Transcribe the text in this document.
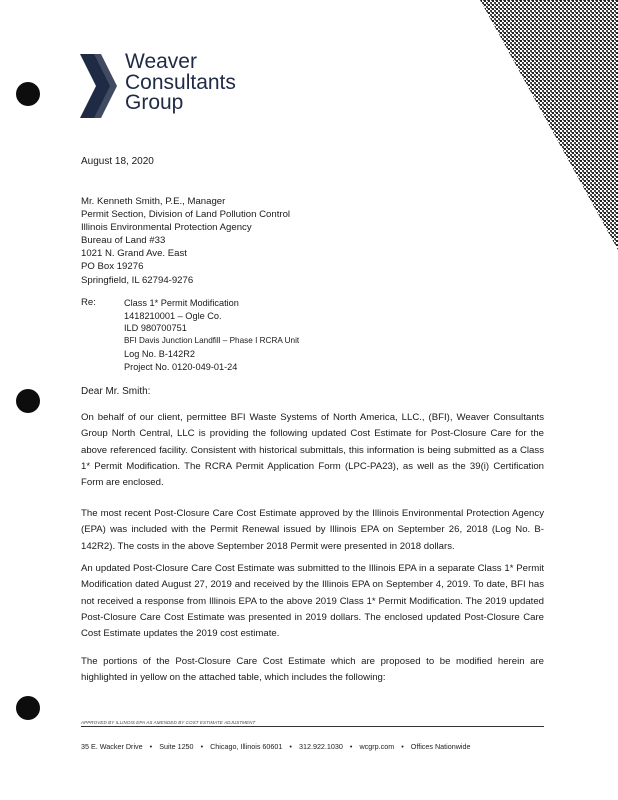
Weaver
Consultants
Group
August 18, 2020
Mr. Kenneth Smith, P.E., Manager
Permit Section, Division of Land Pollution Control
Illinois Environmental Protection Agency
Bureau of Land #33
1021 N. Grand Ave. East
PO Box 19276
Springfield, IL 62794-9276
Re:	Class 1* Permit Modification
1418210001 – Ogle Co.
ILD 980700751
BFI Davis Junction Landfill – Phase I RCRA Unit
Log No. B-142R2
Project No. 0120-049-01-24
Dear Mr. Smith:
On behalf of our client, permittee BFI Waste Systems of North America, LLC., (BFI), Weaver Consultants Group North Central, LLC is providing the following updated Cost Estimate for Post-Closure Care for the above referenced facility. Consistent with historical submittals, this information is being submitted as a Class 1* Permit Modification. The RCRA Permit Application Form (LPC-PA23), as well as the 39(i) Certification Form are enclosed.
The most recent Post-Closure Care Cost Estimate approved by the Illinois Environmental Protection Agency (EPA) was included with the Permit Renewal issued by Illinois EPA on September 26, 2018 (Log No. B-142R2). The costs in the above September 2018 Permit were presented in 2018 dollars.
An updated Post-Closure Care Cost Estimate was submitted to the Illinois EPA in a separate Class 1* Permit Modification dated August 27, 2019 and received by the Illinois EPA on September 4, 2019. To date, BFI has not received a response from Illinois EPA to the above 2019 Class 1* Permit Modification. The 2019 updated Post-Closure Care Cost Estimate was presented in 2019 dollars. The enclosed updated Post-Closure Care Cost Estimate updates the 2019 cost estimate.
The portions of the Post-Closure Care Cost Estimate which are proposed to be modified herein are highlighted in yellow on the attached table, which includes the following:
APPROVED BY ILLINOIS EPA AS AMENDED BY COST ESTIMATE ADJUSTMENT
35 E. Wacker Drive • Suite 1250 • Chicago, Illinois 60601 • 312.922.1030 • wcgrp.com • Offices Nationwide
